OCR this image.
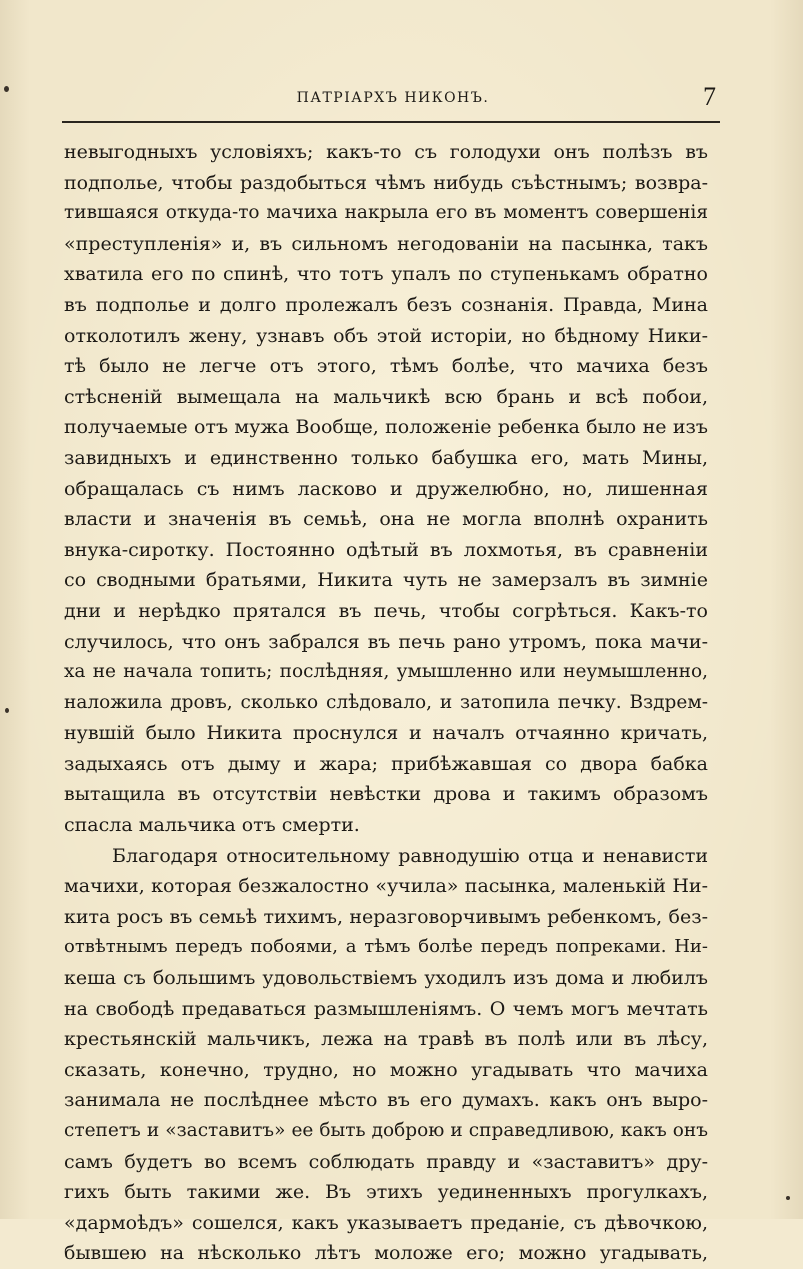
ПАТРІАРХЪ НИКОНЪ.	7
невыгодныхъ условіяхъ; какъ-то съ голодухи онъ полѣзъ въ
подполье, чтобы раздобыться чѣмъ нибудь съѣстнымъ; возвра-
тившаяся откуда-то мачиха накрыла его въ моментъ совершенія
«преступленія» и, въ сильномъ негодованіи на пасынка, такъ
хватила его по спинѣ, что тотъ упалъ по ступенькамъ обратно
въ подполье и долго пролежалъ безъ сознанія. Правда, Мина
отколотилъ жену, узнавъ объ этой исторіи, но бѣдному Ники-
тѣ было не легче отъ этого, тѣмъ болѣе, что мачиха безъ
стѣсненій вымещала на мальчикѣ всю брань и всѣ побои,
получаемые отъ мужа Вообще, положеніе ребенка было не изъ
завидныхъ и единственно только бабушка его, мать Мины,
обращалась съ нимъ ласково и дружелюбно, но, лишенная
власти и значенія въ семьѣ, она не могла вполнѣ охранить
внука-сиротку. Постоянно одѣтый въ лохмотья, въ сравненіи
со сводными братьями, Никита чуть не замерзалъ въ зимніе
дни и нерѣдко прятался въ печь, чтобы согрѣться. Какъ-то
случилось, что онъ забрался въ печь рано утромъ, пока мачи-
ха не начала топить; послѣдняя, умышленно или неумышленно,
наложила дровъ, сколько слѣдовало, и затопила печку. Вздрем-
нувшій было Никита проснулся и началъ отчаянно кричать,
задыхаясь отъ дыму и жара; прибѣжавшая со двора бабка
вытащила въ отсутствіи невѣстки дрова и такимъ образомъ
спасла мальчика отъ смерти.
Благодаря относительному равнодушію отца и ненависти
мачихи, которая безжалостно «учила» пасынка, маленькій Ни-
кита росъ въ семьѣ тихимъ, неразговорчивымъ ребенкомъ, без-
отвѣтнымъ передъ побоями, а тѣмъ болѣе передъ попреками. Ни-
кеша съ большимъ удовольствіемъ уходилъ изъ дома и любилъ
на свободѣ предаваться размышленіямъ. О чемъ могъ мечтать
крестьянскій мальчикъ, лежа на травѣ въ полѣ или въ лѣсу,
сказать, конечно, трудно, но можно угадывать что мачиха
занимала не послѣднее мѣсто въ его думахъ. какъ онъ выро-
степетъ и «заставитъ» ее быть доброю и справедливою, какъ онъ
самъ будетъ во всемъ соблюдать правду и «заставитъ» дру-
гихъ быть такими же. Въ этихъ уединенныхъ прогулкахъ,
«дармоѣдъ» сошелся, какъ указываетъ преданіе, съ дѣвочкою,
бывшею на нѣсколько лѣтъ моложе его; можно угадывать,
